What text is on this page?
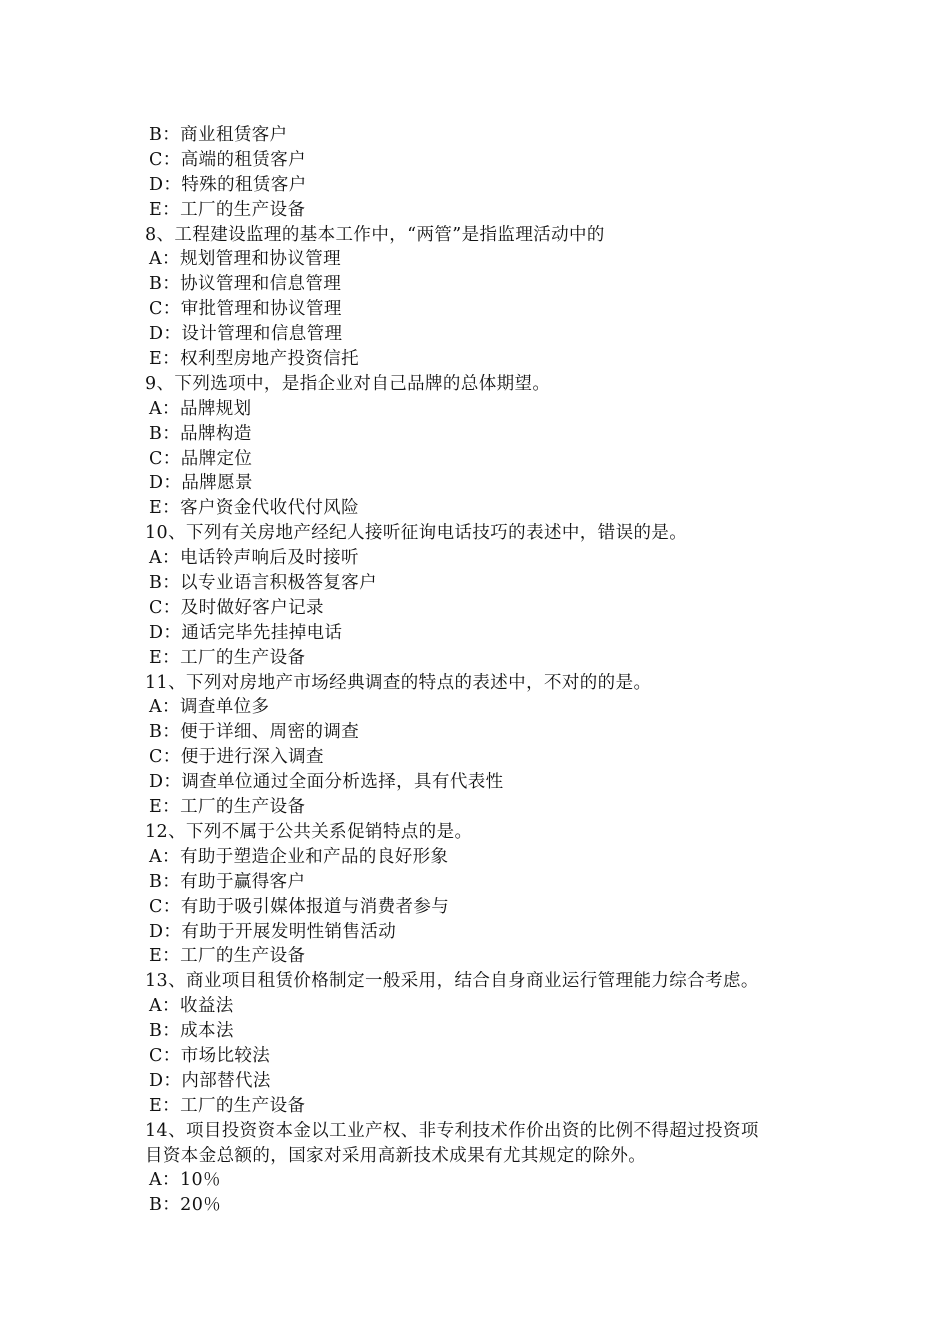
B：商业租赁客户
C：高端的租赁客户
D：特殊的租赁客户
E：工厂的生产设备
8、工程建设监理的基本工作中，“两管”是指监理活动中的
A：规划管理和协议管理
B：协议管理和信息管理
C：审批管理和协议管理
D：设计管理和信息管理
E：权利型房地产投资信托
9、下列选项中，是指企业对自己品牌的总体期望。
A：品牌规划
B：品牌构造
C：品牌定位
D：品牌愿景
E：客户资金代收代付风险
10、下列有关房地产经纪人接听征询电话技巧的表述中，错误的是。
A：电话铃声响后及时接听
B：以专业语言积极答复客户
C：及时做好客户记录
D：通话完毕先挂掉电话
E：工厂的生产设备
11、下列对房地产市场经典调查的特点的表述中，不对的的是。
A：调查单位多
B：便于详细、周密的调查
C：便于进行深入调查
D：调查单位通过全面分析选择，具有代表性
E：工厂的生产设备
12、下列不属于公共关系促销特点的是。
A：有助于塑造企业和产品的良好形象
B：有助于赢得客户
C：有助于吸引媒体报道与消费者参与
D：有助于开展发明性销售活动
E：工厂的生产设备
13、商业项目租赁价格制定一般采用，结合自身商业运行管理能力综合考虑。
A：收益法
B：成本法
C：市场比较法
D：内部替代法
E：工厂的生产设备
14、项目投资资本金以工业产权、非专利技术作价出资的比例不得超过投资项
目资本金总额的，国家对采用高新技术成果有尤其规定的除外。
A：10％
B：20％
